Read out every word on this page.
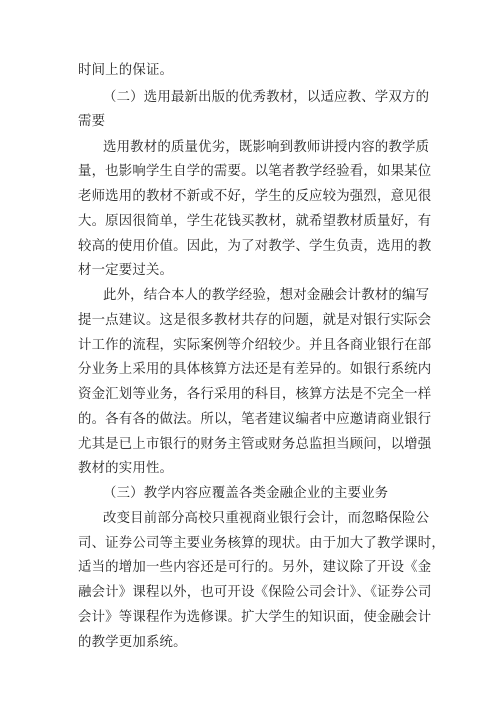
时间上的保证。
（二）选用最新出版的优秀教材，以适应教、学双方的
需要
选用教材的质量优劣，既影响到教师讲授内容的教学质
量，也影响学生自学的需要。以笔者教学经验看，如果某位
老师选用的教材不新或不好，学生的反应较为强烈，意见很
大。原因很简单，学生花钱买教材，就希望教材质量好，有
较高的使用价值。因此，为了对教学、学生负责，选用的教
材一定要过关。
此外，结合本人的教学经验，想对金融会计教材的编写
提一点建议。这是很多教材共存的问题，就是对银行实际会
计工作的流程，实际案例等介绍较少。并且各商业银行在部
分业务上采用的具体核算方法还是有差异的。如银行系统内
资金汇划等业务，各行采用的科目，核算方法是不完全一样
的。各有各的做法。所以，笔者建议编者中应邀请商业银行
尤其是已上市银行的财务主管或财务总监担当顾问，以增强
教材的实用性。
（三）教学内容应覆盖各类金融企业的主要业务
改变目前部分高校只重视商业银行会计，而忽略保险公
司、证券公司等主要业务核算的现状。由于加大了教学课时，
适当的增加一些内容还是可行的。另外，建议除了开设《金
融会计》课程以外，也可开设《保险公司会计》、《证券公司
会计》等课程作为选修课。扩大学生的知识面，使金融会计
的教学更加系统。
